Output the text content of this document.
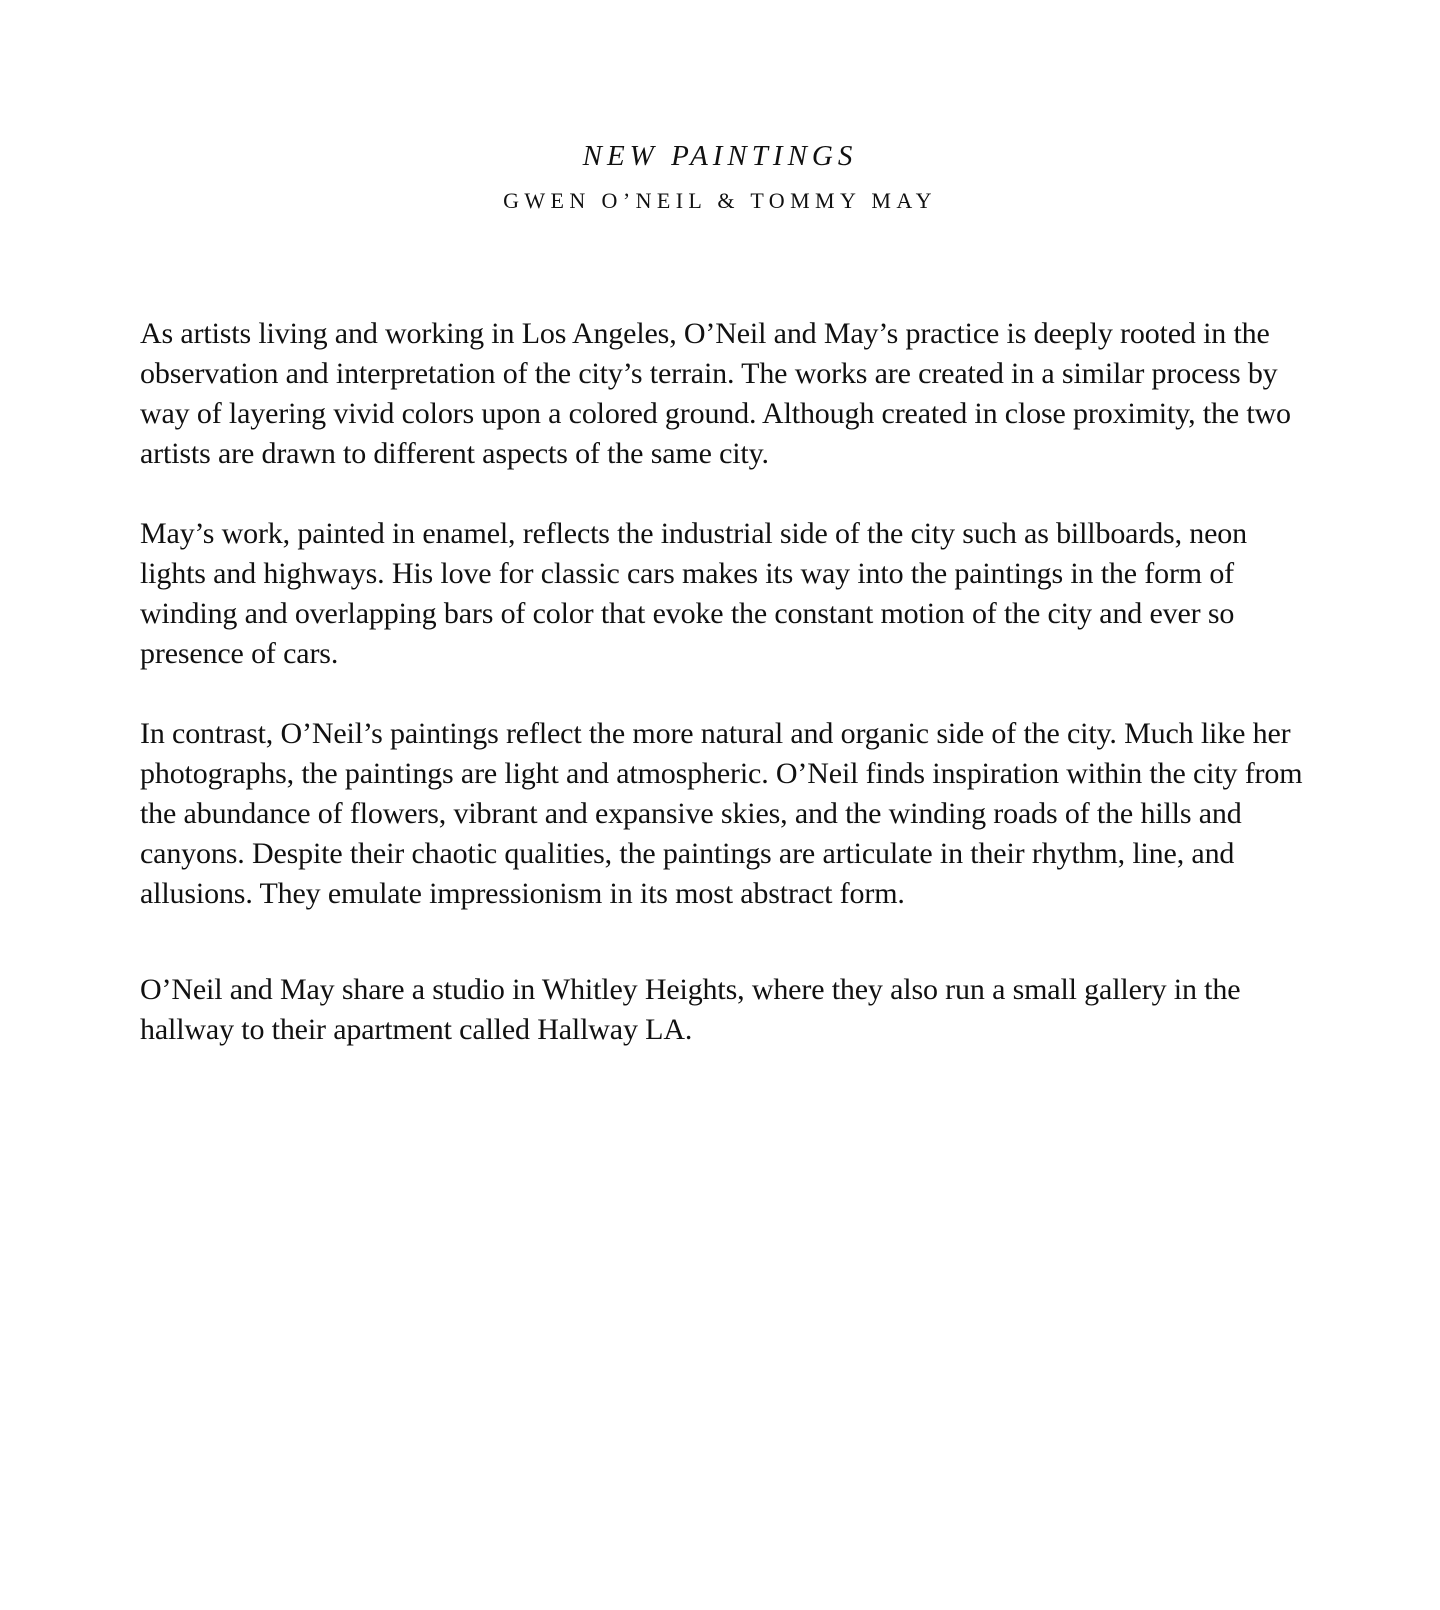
NEW PAINTINGS
GWEN O’NEIL & TOMMY MAY

As artists living and working in Los Angeles, O’Neil and May’s practice is deeply rooted in the observation and interpretation of the city’s terrain. The works are created in a similar process by way of layering vivid colors upon a colored ground. Although created in close proximity, the two artists are drawn to different aspects of the same city.

May’s work, painted in enamel, reflects the industrial side of the city such as billboards, neon lights and highways. His love for classic cars makes its way into the paintings in the form of winding and overlapping bars of color that evoke the constant motion of the city and ever so presence of cars.

In contrast, O’Neil’s paintings reflect the more natural and organic side of the city. Much like her photographs, the paintings are light and atmospheric. O’Neil finds inspiration within the city from the abundance of flowers, vibrant and expansive skies, and the winding roads of the hills and canyons. Despite their chaotic qualities, the paintings are articulate in their rhythm, line, and allusions. They emulate impressionism in its most abstract form.

O’Neil and May share a studio in Whitley Heights, where they also run a small gallery in the hallway to their apartment called Hallway LA.
